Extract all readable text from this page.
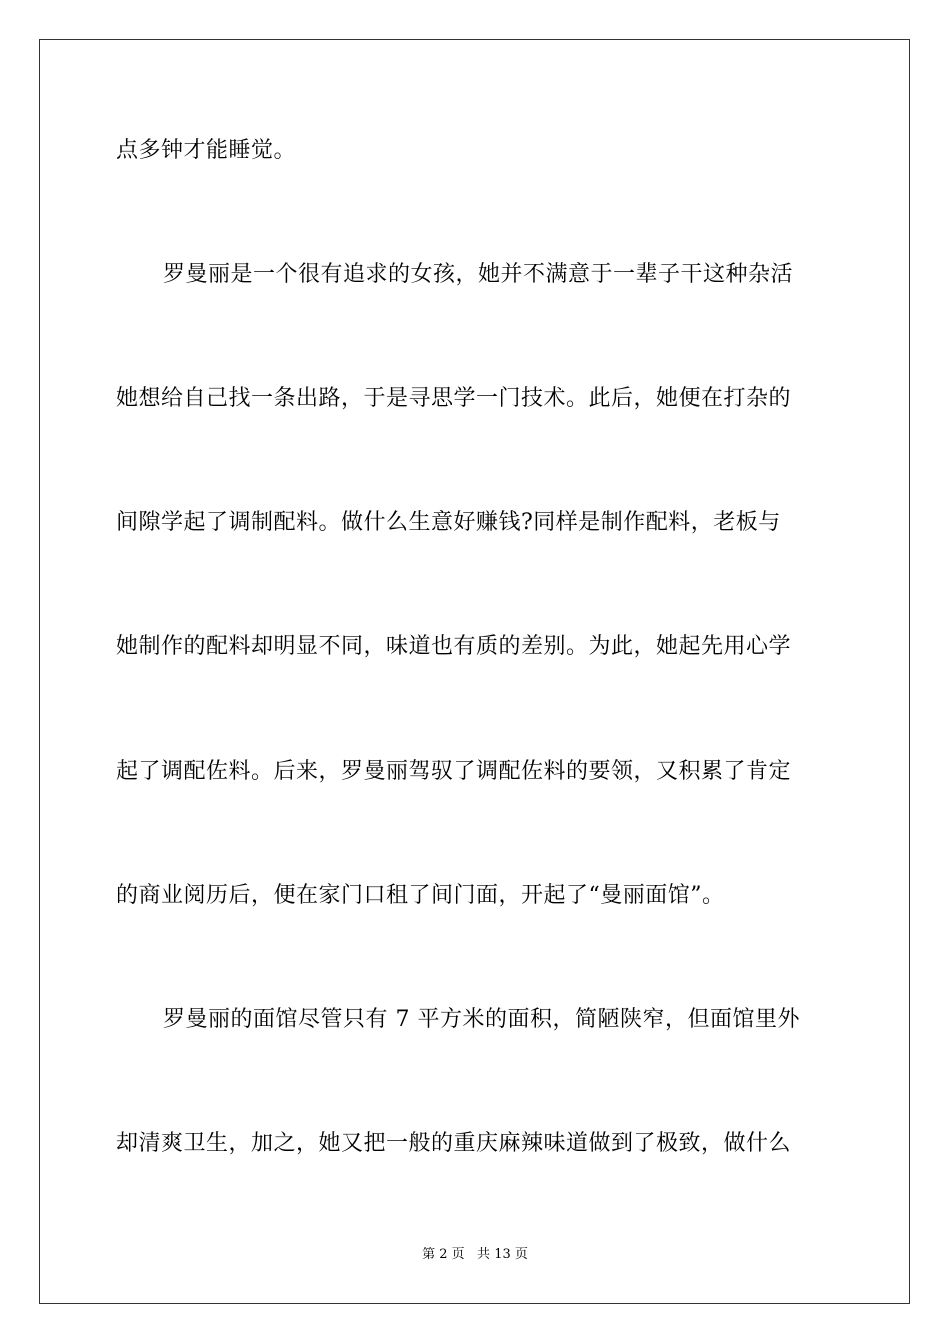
点多钟才能睡觉。
罗曼丽是一个很有追求的女孩，她并不满意于一辈子干这种杂活
她想给自己找一条出路，于是寻思学一门技术。此后，她便在打杂的
间隙学起了调制配料。做什么生意好赚钱?同样是制作配料，老板与
她制作的配料却明显不同，味道也有质的差别。为此，她起先用心学
起了调配佐料。后来，罗曼丽驾驭了调配佐料的要领，又积累了肯定
的商业阅历后，便在家门口租了间门面，开起了“曼丽面馆”。
罗曼丽的面馆尽管只有 7 平方米的面积，简陋陕窄，但面馆里外
却清爽卫生，加之，她又把一般的重庆麻辣味道做到了极致，做什么
第 2 页   共 13 页
